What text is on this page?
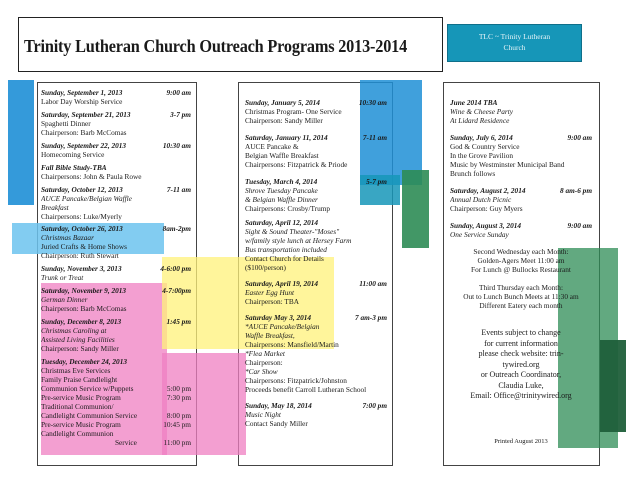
Trinity Lutheran Church Outreach Programs 2013-2014	TLC ~ Trinity Lutheran
Church
Sunday, September 1, 2013	9:00 am
Labor Day Worship Service
Saturday, September 21, 2013	3-7 pm
Spaghetti Dinner
Chairperson: Barb McComas
Sunday, September 22, 2013	10:30 am
Homecoming Service
Fall Bible Study-TBA
Chairpersons: John & Paula Rowe
Saturday, October 12, 2013	7-11 am
AUCE Pancake/Belgian Waffle
Breakfast
Chairpersons: Luke/Myerly
Saturday, October 26, 2013	8am-2pm
Christmas Bazaar
Juried Crafts & Home Shows
Chairperson: Ruth Stewart
Sunday, November 3, 2013	4-6:00 pm
Trunk or Treat
Saturday, November 9, 2013	4-7:00pm
German Dinner
Chairperson: Barb McComas
Sunday, December 8, 2013	1:45 pm
Christmas Caroling at
Assisted Living Facilities
Chairperson: Sandy Miller
Tuesday, December 24, 2013
Christmas Eve Services
Family Praise Candlelight
Communion Service w/Puppets	5:00 pm
Pre-service Music Program	7:30 pm
Traditional Communion/
Candlelight Communion Service	8:00 pm
Pre-service Music Program	10:45 pm
Candlelight Communion
Service	11:00 pm
Sunday, January 5, 2014	10:30 am
Christmas Program- One Service
Chairperson: Sandy Miller
Saturday, January 11, 2014	7-11 am
AUCE Pancake &
Belgian Waffle Breakfast
Chairpersons: Fitzpatrick & Priode
Tuesday, March 4, 2014	5-7 pm
Shrove Tuesday Pancake
& Belgian Waffle Dinner
Chairpersons: Crosby/Trump
Saturday, April 12, 2014
Sight & Sound Theater-"Moses"
w/family style lunch at Hersey Farm
Bus transportation included
Contact Church for Details
($100/person)
Saturday, April 19, 2014	11:00 am
Easter Egg Hunt
Chairperson: TBA
Saturday May 3, 2014	7 am-3 pm
*AUCE Pancake/Belgian
Waffle Breakfast,
Chairpersons: Mansfield/Martin
*Flea Market
Chairperson:
*Car Show
Chairpersons: Fitzpatrick/Johnston
Proceeds benefit Carroll Lutheran School
Sunday, May 18, 2014	7:00 pm
Music Night
Contact Sandy Miller
June 2014 TBA
Wine & Cheese Party
At Lidard Residence
Sunday, July 6, 2014	9:00 am
God & Country Service
In the Grove Pavilion
Music by Westminster Municipal Band
Brunch follows
Saturday, August 2, 2014	8 am-6 pm
Annual Dutch Picnic
Chairperson: Guy Myers
Sunday, August 3, 2014	9:00 am
One Service Sunday
Second Wednesday each Month:
Golden-Agers Meet 11:00 am
For Lunch @ Bullocks Restaurant
Third Thursday each Month:
Out to Lunch Bunch Meets at 11:30 am
Different Eatery each month
Events subject to change
for current information
please check website: trin-
tywired.org
or Outreach Coordinator,
Claudia Luke,
Email: Office@trinitywired.org
Printed August 2013
